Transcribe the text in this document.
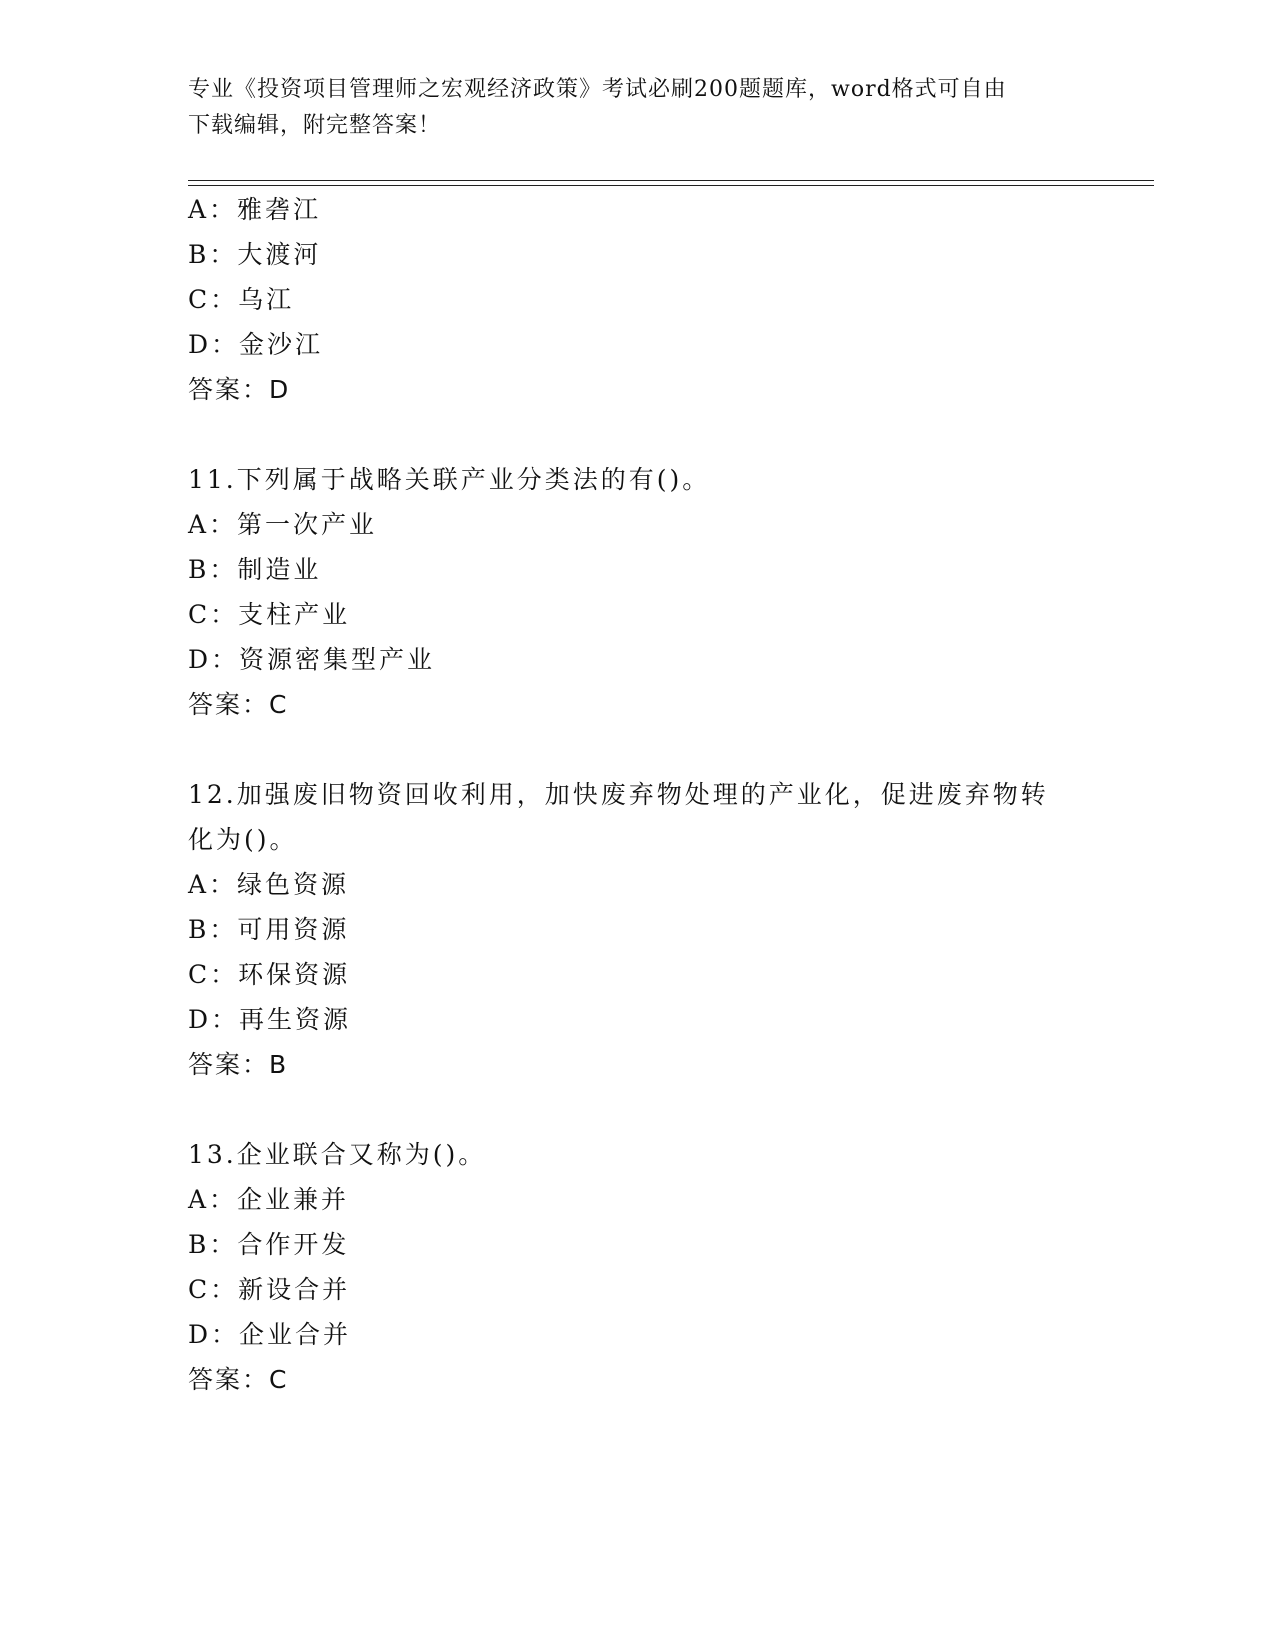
专业《投资项目管理师之宏观经济政策》考试必刷200题题库，word格式可自由
下载编辑，附完整答案！
A：雅砻江
B：大渡河
C：乌江
D：金沙江
答案：D
11.下列属于战略关联产业分类法的有()。
A：第一次产业
B：制造业
C：支柱产业
D：资源密集型产业
答案：C
12.加强废旧物资回收利用，加快废弃物处理的产业化，促进废弃物转
化为()。
A：绿色资源
B：可用资源
C：环保资源
D：再生资源
答案：B
13.企业联合又称为()。
A：企业兼并
B：合作开发
C：新设合并
D：企业合并
答案：C
